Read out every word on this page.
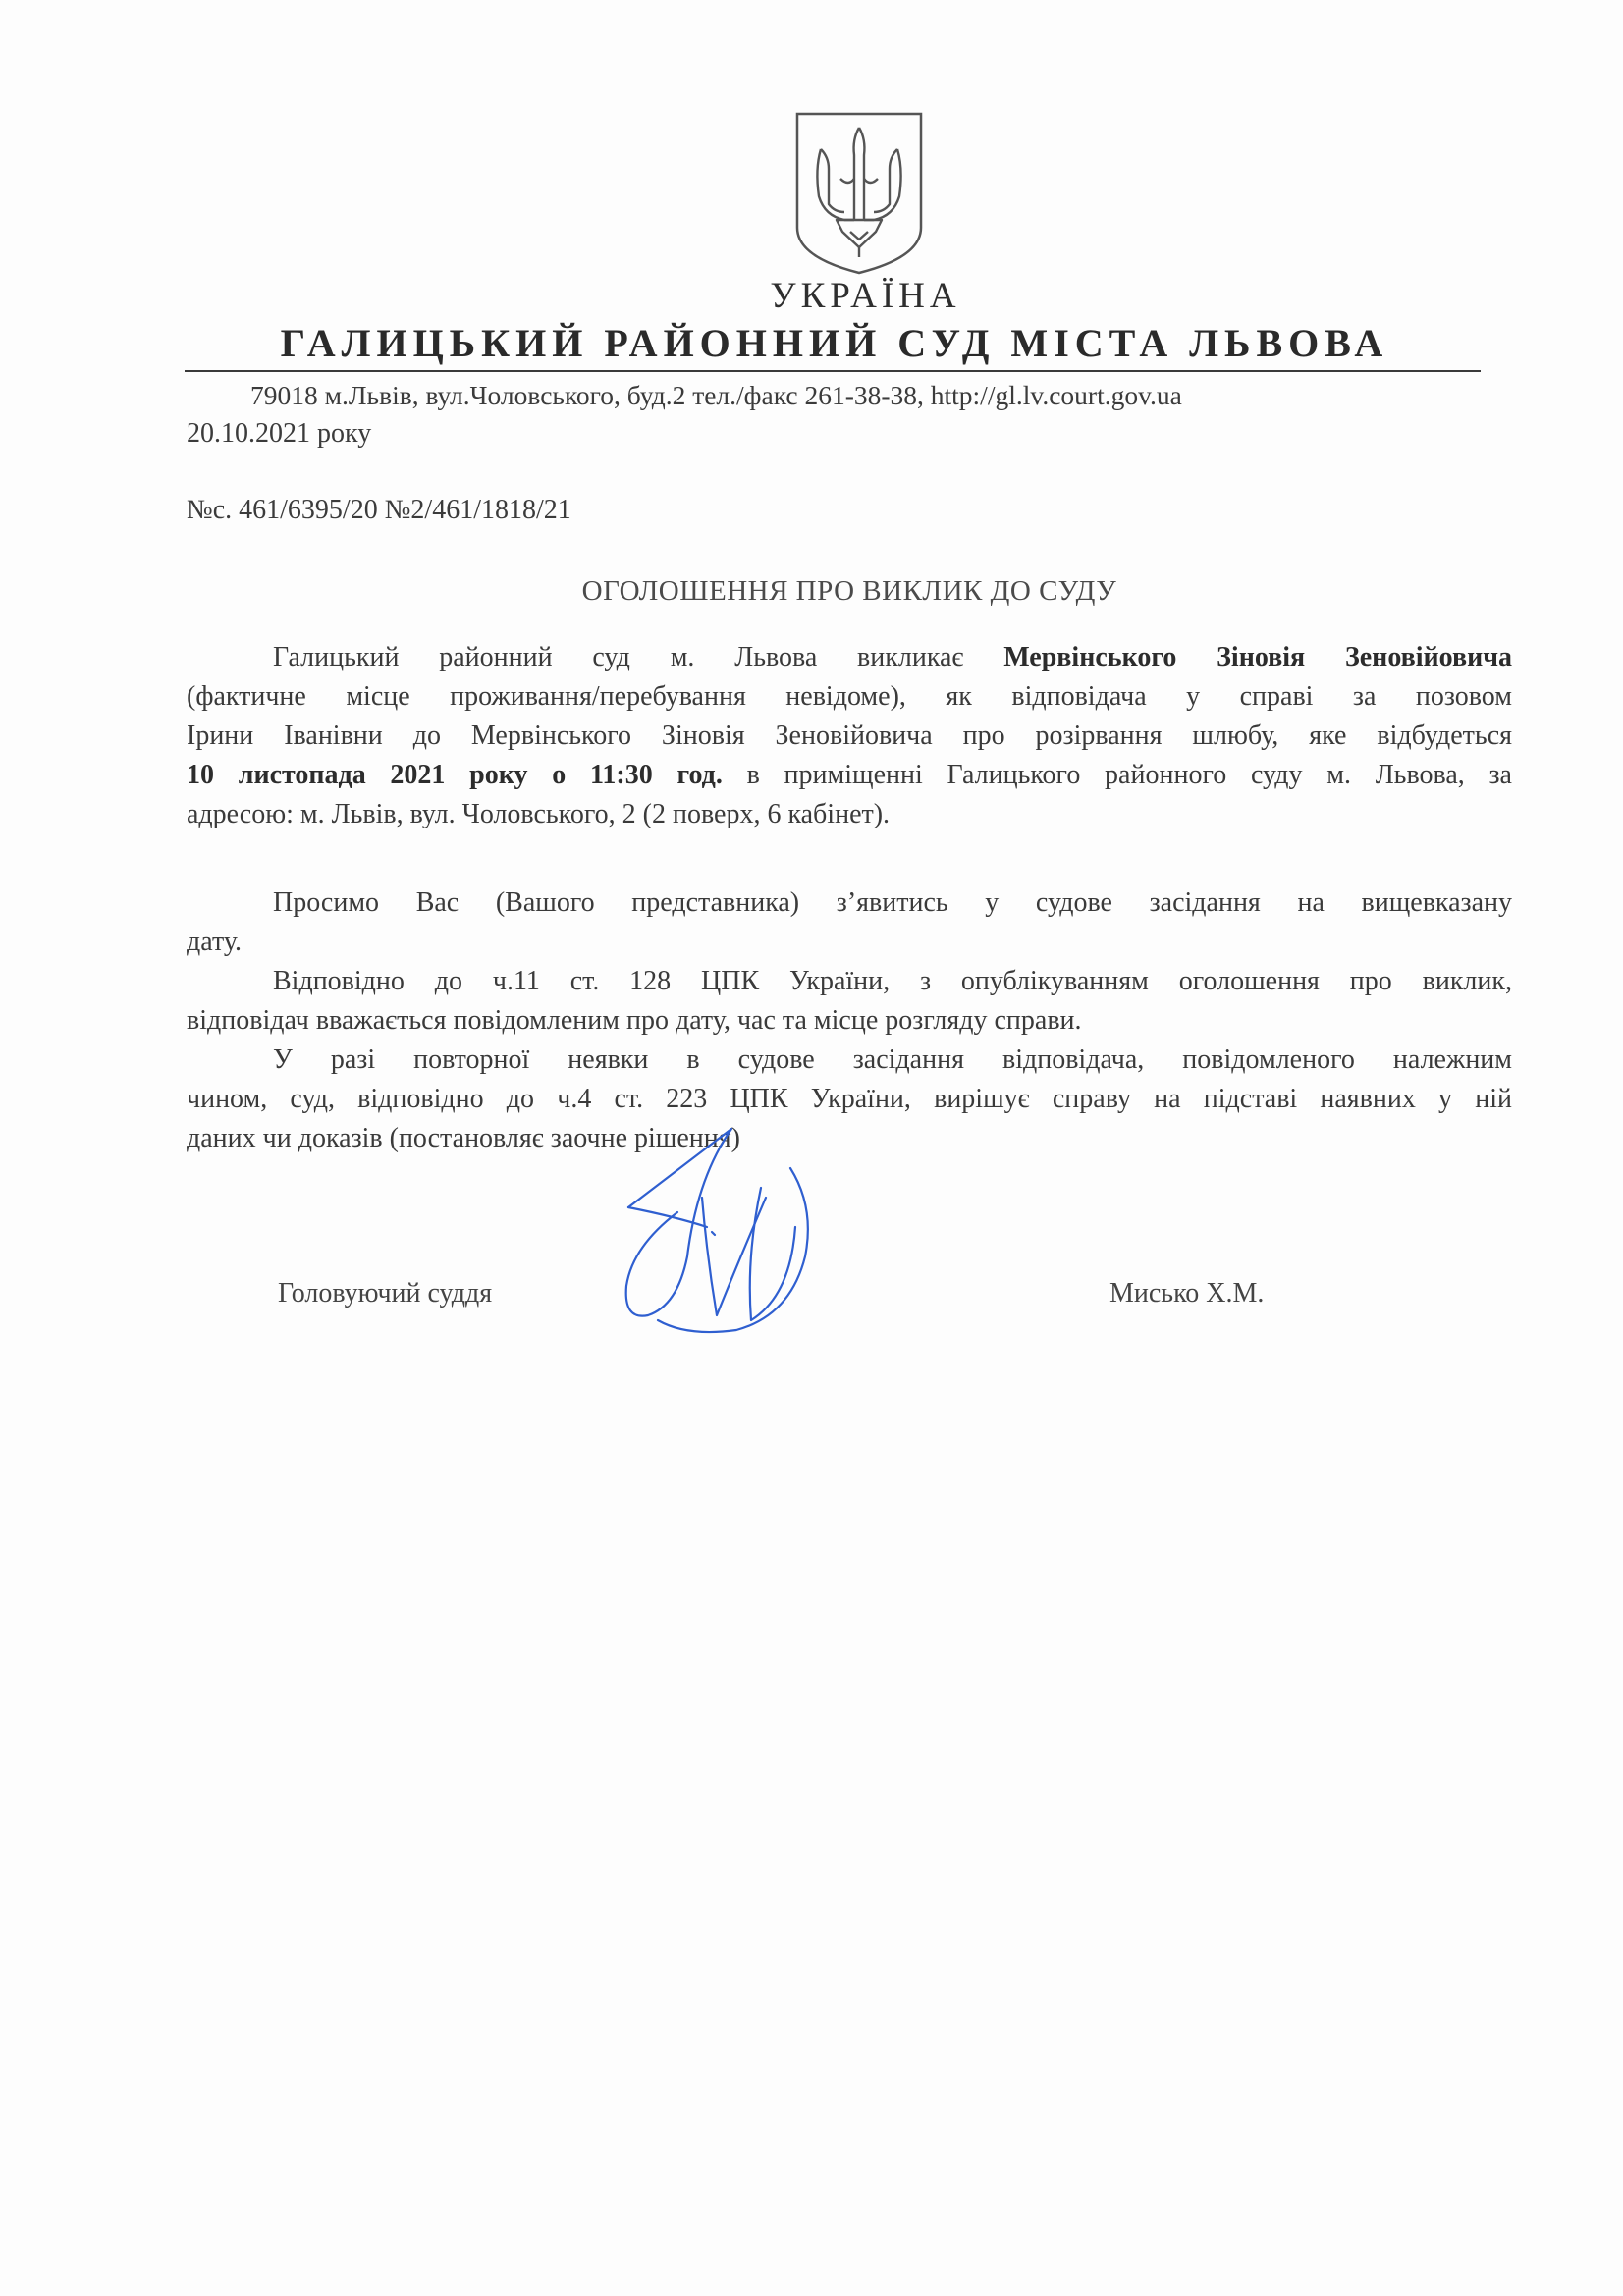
УКРАЇНА
ГАЛИЦЬКИЙ РАЙОННИЙ СУД МІСТА ЛЬВОВА
79018 м.Львів, вул.Чоловського, буд.2 тел./факс 261-38-38, http://gl.lv.court.gov.ua
20.10.2021 року
№с. 461/6395/20 №2/461/1818/21
ОГОЛОШЕННЯ ПРО ВИКЛИК ДО СУДУ
Галицький районний суд м. Львова викликає Мервінського Зіновія Зеновійовича
(фактичне місце проживання/перебування невідоме), як відповідача у справі за позовом
Ірини Іванівни до Мервінського Зіновія Зеновійовича про розірвання шлюбу, яке відбудеться
10 листопада 2021 року о 11:30 год. в приміщенні Галицького районного суду м. Львова, за
адресою: м. Львів, вул. Чоловського, 2 (2 поверх, 6 кабінет).
Просимо Вас (Вашого представника) з’явитись у судове засідання на вищевказану
дату.
Відповідно до ч.11 ст. 128 ЦПК України, з опублікуванням оголошення про виклик,
відповідач вважається повідомленим про дату, час та місце розгляду справи.
У разі повторної неявки в судове засідання відповідача, повідомленого належним
чином, суд, відповідно до ч.4 ст. 223 ЦПК України, вирішує справу на підставі наявних у ній
даних чи доказів (постановляє заочне рішення)
Головуючий суддя	Мисько Х.М.
